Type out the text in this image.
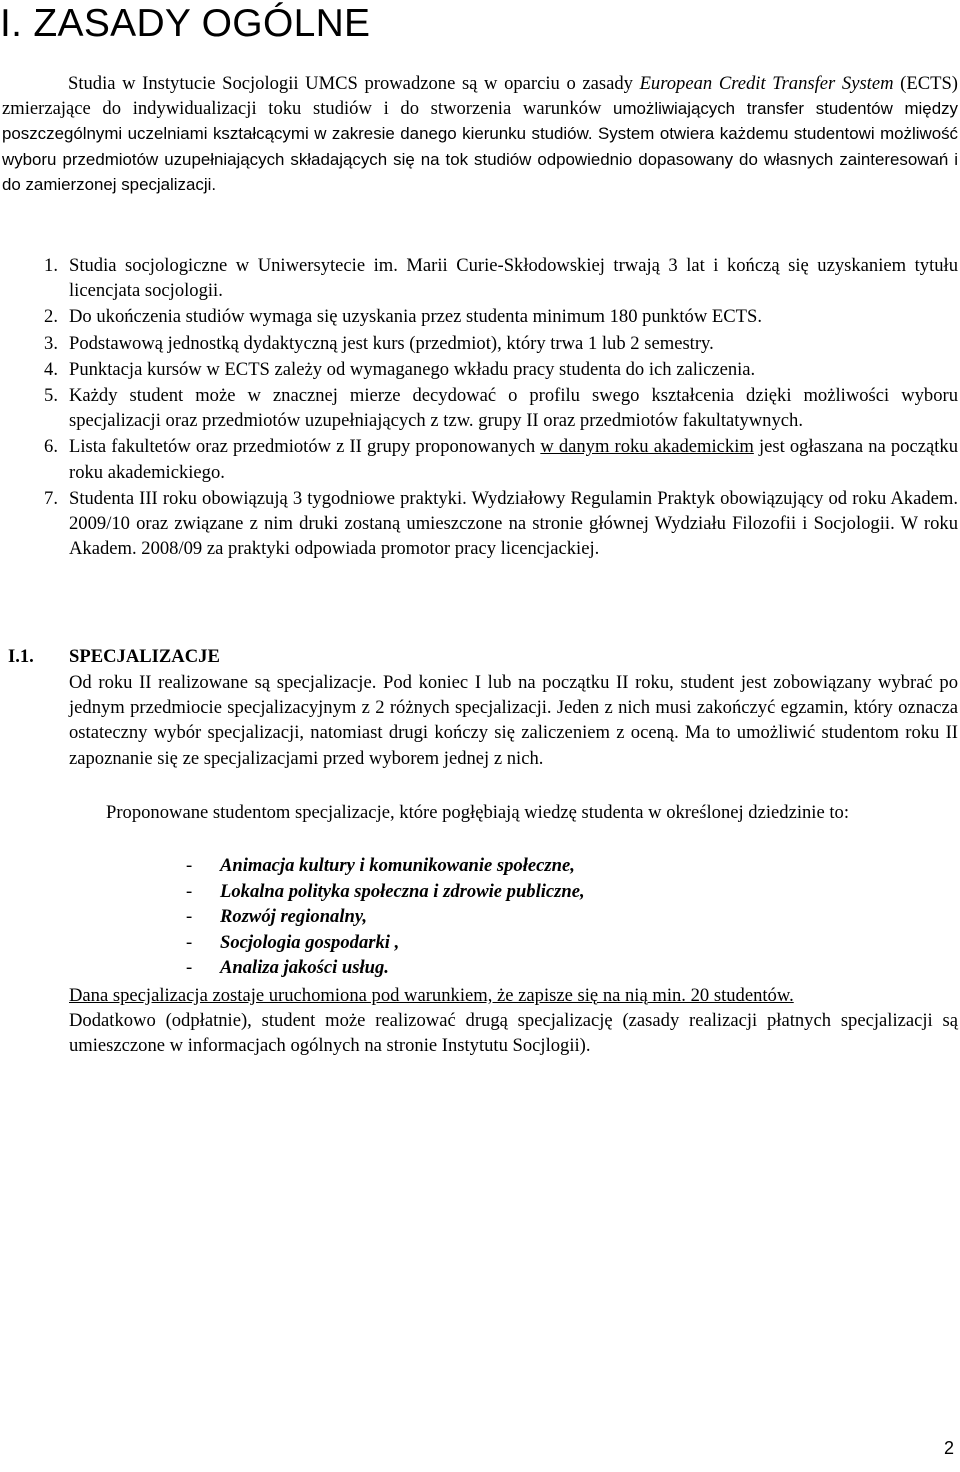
I. ZASADY OGÓLNE
Studia w Instytucie Socjologii UMCS prowadzone są w oparciu o zasady European Credit Transfer System (ECTS) zmierzające do indywidualizacji toku studiów i do stworzenia warunków umożliwiających transfer studentów między poszczególnymi uczelniami kształcącymi w zakresie danego kierunku studiów. System otwiera każdemu studentowi możliwość wyboru przedmiotów uzupełniających składających się na tok studiów odpowiednio dopasowany do własnych zainteresowań i do zamierzonej specjalizacji.
1. Studia socjologiczne w Uniwersytecie im. Marii Curie-Skłodowskiej trwają 3 lat i kończą się uzyskaniem tytułu licencjata socjologii.
2. Do ukończenia studiów wymaga się uzyskania przez studenta minimum 180 punktów ECTS.
3. Podstawową jednostką dydaktyczną jest kurs (przedmiot), który trwa 1 lub 2 semestry.
4. Punktacja kursów w ECTS zależy od wymaganego wkładu pracy studenta do ich zaliczenia.
5. Każdy student może w znacznej mierze decydować o profilu swego kształcenia dzięki możliwości wyboru specjalizacji oraz przedmiotów uzupełniających z tzw. grupy II oraz przedmiotów fakultatywnych.
6. Lista fakultetów oraz przedmiotów z II grupy proponowanych w danym roku akademickim jest ogłaszana na początku roku akademickiego.
7. Studenta III roku obowiązują 3 tygodniowe praktyki. Wydziałowy Regulamin Praktyk obowiązujący od roku Akadem. 2009/10 oraz związane z nim druki zostaną umieszczone na stronie głównej Wydziału Filozofii i Socjologii. W roku Akadem. 2008/09 za praktyki odpowiada promotor pracy licencjackiej.
I.1. SPECJALIZACJE
Od roku II realizowane są specjalizacje. Pod koniec I lub na początku II roku, student jest zobowiązany wybrać po jednym przedmiocie specjalizacyjnym z 2 różnych specjalizacji. Jeden z nich musi zakończyć egzamin, który oznacza ostateczny wybór specjalizacji, natomiast drugi kończy się zaliczeniem z oceną. Ma to umożliwić studentom roku II zapoznanie się ze specjalizacjami przed wyborem jednej z nich.
Proponowane studentom specjalizacje, które pogłębiają wiedzę studenta w określonej dziedzinie to:
- Animacja kultury i komunikowanie społeczne,
- Lokalna polityka społeczna i zdrowie publiczne,
- Rozwój regionalny,
- Socjologia gospodarki ,
- Analiza jakości usług.
Dana specjalizacja zostaje uruchomiona pod warunkiem, że zapisze się na nią min. 20 studentów.
Dodatkowo (odpłatnie), student może realizować drugą specjalizację (zasady realizacji płatnych specjalizacji są umieszczone w informacjach ogólnych na stronie Instytutu Socjlogii).
2
